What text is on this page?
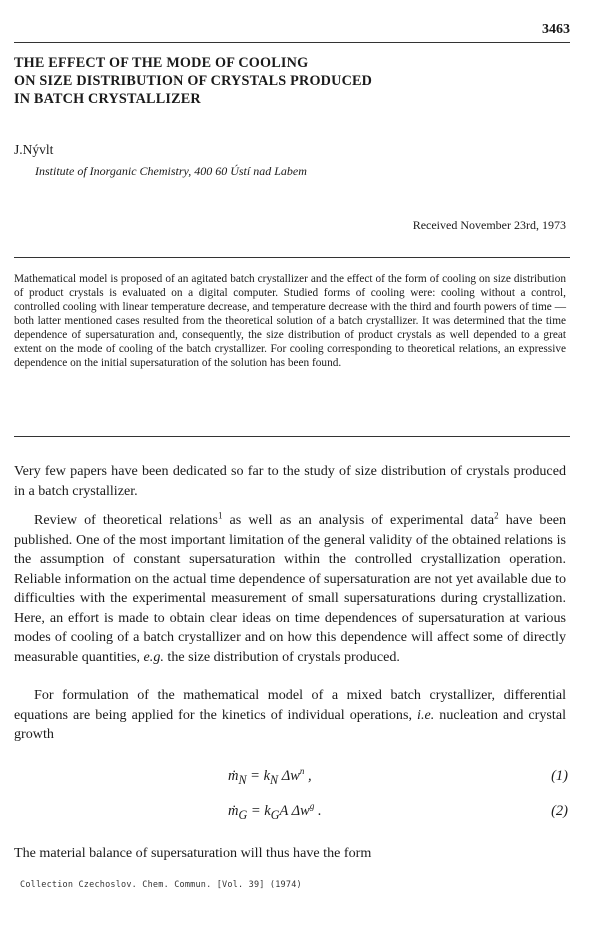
3463
THE EFFECT OF THE MODE OF COOLING
ON SIZE DISTRIBUTION OF CRYSTALS PRODUCED
IN BATCH CRYSTALLIZER
J.Nývlt
Institute of Inorganic Chemistry, 400 60 Ústí nad Labem
Received November 23rd, 1973

Mathematical model is proposed of an agitated batch crystallizer and the effect of the form of cooling on size distribution of product crystals is evaluated on a digital computer. Studied forms of cooling were: cooling without a control, controlled cooling with linear temperature decrease, and temperature decrease with the third and fourth powers of time — both latter mentioned cases resulted from the theoretical solution of a batch crystallizer. It was determined that the time dependence of supersaturation and, consequently, the size distribution of product crystals as well depended to a great extent on the mode of cooling of the batch crystallizer. For cooling corresponding to theoretical relations, an expressive dependence on the initial supersaturation of the solution has been found.

Very few papers have been dedicated so far to the study of size distribution of crystals produced in a batch crystallizer.

Review of theoretical relations$^1$ as well as an analysis of experimental data$^2$ have been published. One of the most important limitation of the general validity of the obtained relations is the assumption of constant supersaturation within the controlled crystallization operation. Reliable information on the actual time dependence of supersaturation are not yet available due to difficulties with the experimental measurement of small supersaturations during crystallization. Here, an effort is made to obtain clear ideas on time dependences of supersaturation at various modes of cooling of a batch crystallizer and on how this dependence will affect some of directly measurable quantities, e.g. the size distribution of crystals produced.

For formulation of the mathematical model of a mixed batch crystallizer, differential equations are being applied for the kinetics of individual operations, i.e. nucleation and crystal growth

ṁ$_N$ = $k_N$ $\Delta w^n$ ,	(1)
ṁ$_G$ = $k_GA$ $\Delta w^g$ .	(2)

The material balance of supersaturation will thus have the form

Collection Czechoslov. Chem. Commun. [Vol. 39] (1974)
